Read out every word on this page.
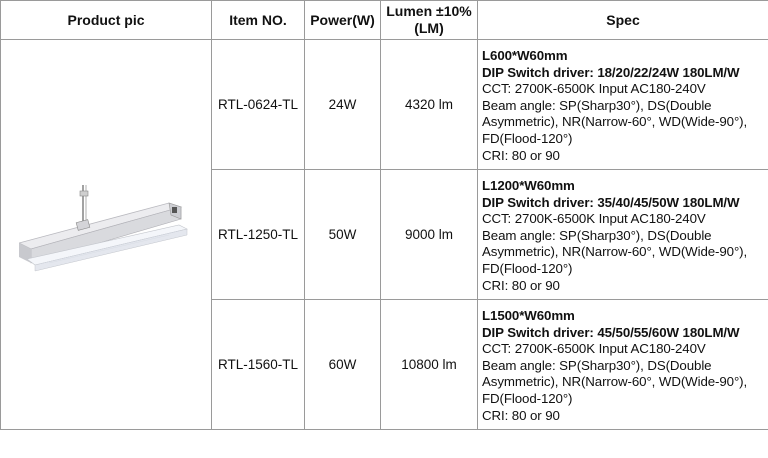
Product pic	Item NO.	Power(W)	Lumen ±10%
(LM)	Spec

	RTL-0624-TL	24W	4320 lm	L600*W60mm
DIP Switch driver: 18/20/22/24W 180LM/W
CCT: 2700K-6500K Input AC180-240V
Beam angle: SP(Sharp30°), DS(Double Asymmetric), NR(Narrow-60°, WD(Wide-90°), FD(Flood-120°)
CRI: 80 or 90

	RTL-1250-TL	50W	9000 lm	L1200*W60mm
DIP Switch driver: 35/40/45/50W 180LM/W
CCT: 2700K-6500K Input AC180-240V
Beam angle: SP(Sharp30°), DS(Double Asymmetric), NR(Narrow-60°, WD(Wide-90°), FD(Flood-120°)
CRI: 80 or 90

	RTL-1560-TL	60W	10800 lm	L1500*W60mm
DIP Switch driver: 45/50/55/60W 180LM/W
CCT: 2700K-6500K Input AC180-240V
Beam angle: SP(Sharp30°), DS(Double Asymmetric), NR(Narrow-60°, WD(Wide-90°), FD(Flood-120°)
CRI: 80 or 90
